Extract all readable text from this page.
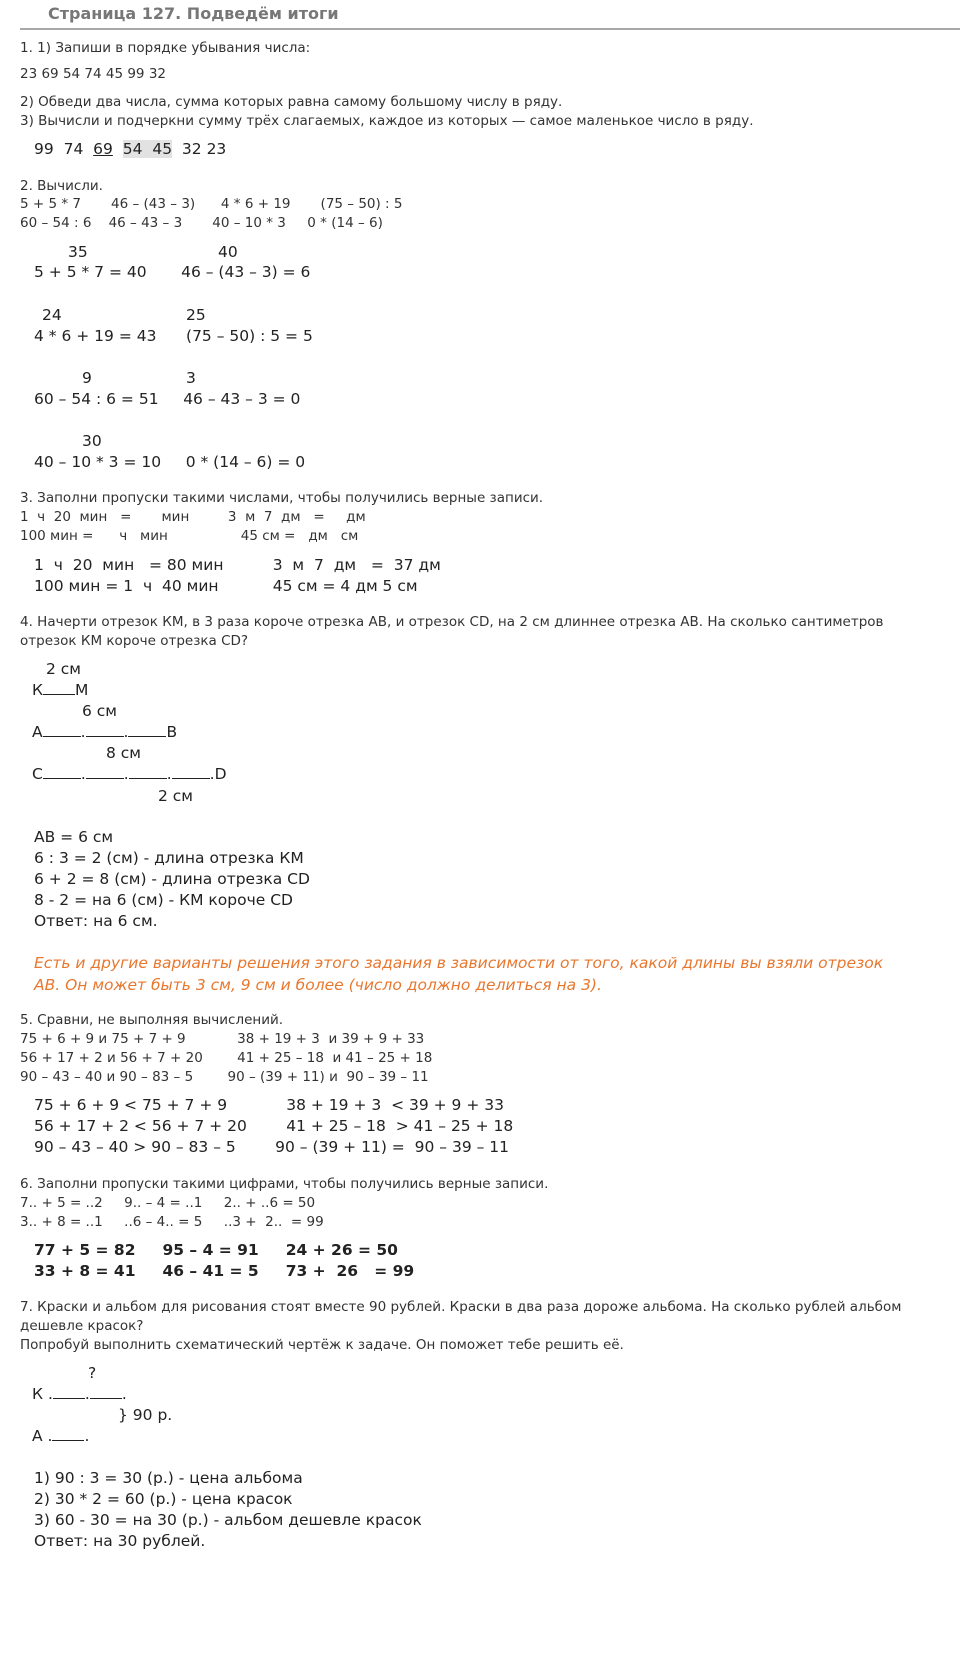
Страница 127. Подведём итоги
1. 1) Запиши в порядке убывания числа:
23 69 54 74 45 99 32
2) Обведи два числа, сумма которых равна самому большому числу в ряду.
3) Вычисли и подчеркни сумму трёх слагаемых, каждое из которых — самое маленькое число в ряду.
99  74  69 54  45  32 23
2. Вычисли.
5 + 5 * 7       46 – (43 – 3)      4 * 6 + 19       (75 – 50) : 5
60 – 54 : 6    46 – 43 – 3       40 – 10 * 3     0 * (14 – 6)
35	40
5 + 5 * 7 = 40       46 – (43 – 3) = 6
24	25
4 * 6 + 19 = 43      (75 – 50) : 5 = 5
9	3
60 – 54 : 6 = 51     46 – 43 – 3 = 0
30
40 – 10 * 3 = 10     0 * (14 – 6) = 0
3. Заполни пропуски такими числами, чтобы получились верные записи.
1  ч  20  мин   =       мин         3  м  7  дм   =     дм
100 мин =      ч   мин                 45 см =   дм   см
1  ч  20  мин   = 80 мин          3  м  7  дм   =  37 дм
100 мин = 1  ч  40 мин           45 см = 4 дм 5 см
4. Начерти отрезок КМ, в 3 раза короче отрезка АВ, и отрезок CD, на 2 см длиннее отрезка АВ. На сколько сантиметров
отрезок КМ короче отрезка CD?
2 см
К М
6 см
А . . В
8 см
С . . . .D
2 см
АВ = 6 см
6 : 3 = 2 (см) - длина отрезка КМ
6 + 2 = 8 (см) - длина отрезка CD
8 - 2 = на 6 (см) - КМ короче CD
Ответ: на 6 см.
Есть и другие варианты решения этого задания в зависимости от того, какой длины вы взяли отрезок
АВ. Он может быть 3 см, 9 см и более (число должно делиться на 3).
5. Сравни, не выполняя вычислений.
75 + 6 + 9 и 75 + 7 + 9            38 + 19 + 3  и 39 + 9 + 33
56 + 17 + 2 и 56 + 7 + 20        41 + 25 – 18  и 41 – 25 + 18
90 – 43 – 40 и 90 – 83 – 5        90 – (39 + 11) и  90 – 39 – 11
75 + 6 + 9 < 75 + 7 + 9            38 + 19 + 3  < 39 + 9 + 33
56 + 17 + 2 < 56 + 7 + 20        41 + 25 – 18  > 41 – 25 + 18
90 – 43 – 40 > 90 – 83 – 5        90 – (39 + 11) =  90 – 39 – 11
6. Заполни пропуски такими цифрами, чтобы получились верные записи.
7.. + 5 = ..2     9.. – 4 = ..1     2.. + ..6 = 50
3.. + 8 = ..1     ..6 – 4.. = 5     ..3 +  2..  = 99
77 + 5 = 82     95 – 4 = 91     24 + 26 = 50
33 + 8 = 41     46 – 41 = 5     73 +  26   = 99
7. Краски и альбом для рисования стоят вместе 90 рублей. Краски в два раза дороже альбома. На сколько рублей альбом
дешевле красок?
Попробуй выполнить схематический чертёж к задаче. Он поможет тебе решить её.
?
К . . .
} 90 р.
А . .
1) 90 : 3 = 30 (р.) - цена альбома
2) 30 * 2 = 60 (р.) - цена красок
3) 60 - 30 = на 30 (р.) - альбом дешевле красок
Ответ: на 30 рублей.
